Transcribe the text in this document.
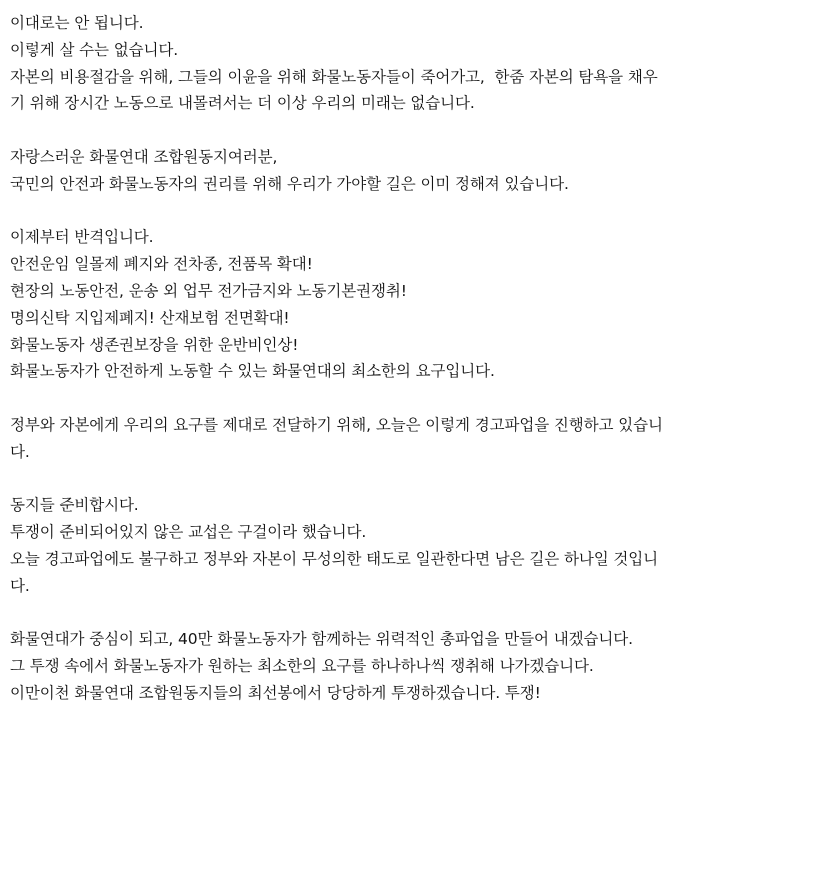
이대로는 안 됩니다.
이렇게 살 수는 없습니다.
자본의 비용절감을 위해, 그들의 이윤을 위해 화물노동자들이 죽어가고,  한줌 자본의 탐욕을 채우
기 위해 장시간 노동으로 내몰려서는 더 이상 우리의 미래는 없습니다.
자랑스러운 화물연대 조합원동지여러분,
국민의 안전과 화물노동자의 권리를 위해 우리가 가야할 길은 이미 정해져 있습니다.
이제부터 반격입니다.
안전운임 일몰제 폐지와 전차종, 전품목 확대!
현장의 노동안전, 운송 외 업무 전가금지와 노동기본권쟁취!
명의신탁 지입제폐지! 산재보험 전면확대!
화물노동자 생존권보장을 위한 운반비인상!
화물노동자가 안전하게 노동할 수 있는 화물연대의 최소한의 요구입니다.
정부와 자본에게 우리의 요구를 제대로 전달하기 위해, 오늘은 이렇게 경고파업을 진행하고 있습니
다.
동지들 준비합시다.
투쟁이 준비되어있지 않은 교섭은 구걸이라 했습니다.
오늘 경고파업에도 불구하고 정부와 자본이 무성의한 태도로 일관한다면 남은 길은 하나일 것입니
다.
화물연대가 중심이 되고, 40만 화물노동자가 함께하는 위력적인 총파업을 만들어 내겠습니다.
그 투쟁 속에서 화물노동자가 원하는 최소한의 요구를 하나하나씩 쟁취해 나가겠습니다.
이만이천 화물연대 조합원동지들의 최선봉에서 당당하게 투쟁하겠습니다. 투쟁!
